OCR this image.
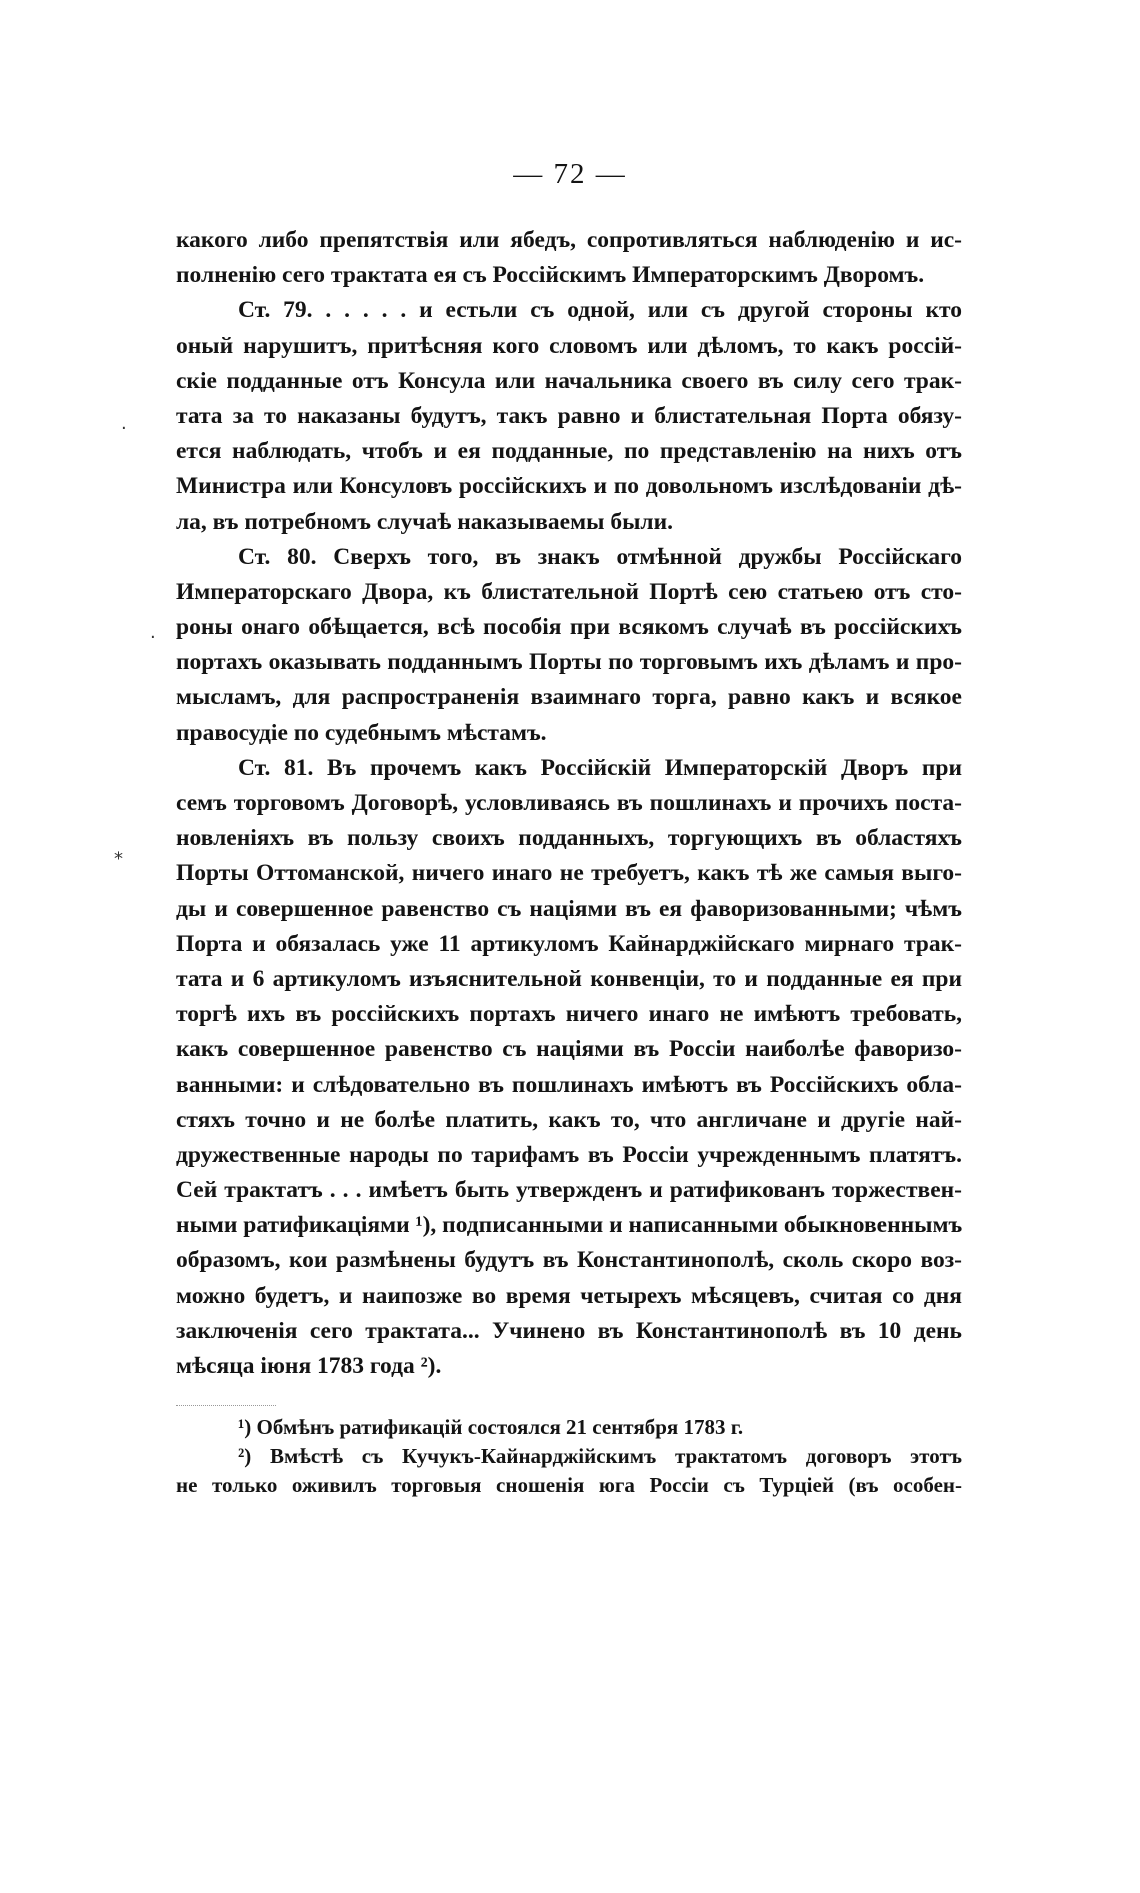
— 72 —
какого либо препятствія или ябедъ, сопротивляться наблюденію и ис-
полненію сего трактата ея съ Россійскимъ Императорскимъ Дворомъ.
Ст. 79. . . . . . и естьли съ одной, или съ другой стороны кто
оный нарушитъ, притѣсняя кого словомъ или дѣломъ, то какъ россій-
скіе подданные отъ Консула или начальника своего въ силу сего трак-
тата за то наказаны будутъ, такъ равно и блистательная Порта обязу-
ется наблюдать, чтобъ и ея подданные, по представленію на нихъ отъ
Министра или Консуловъ россійскихъ и по довольномъ изслѣдованіи дѣ-
ла, въ потребномъ случаѣ наказываемы были.
Ст. 80. Сверхъ того, въ знакъ отмѣнной дружбы Россійскаго
Императорскаго Двора, къ блистательной Портѣ сею статьею отъ сто-
роны онаго обѣщается, всѣ пособія при всякомъ случаѣ въ россійскихъ
портахъ оказывать подданнымъ Порты по торговымъ ихъ дѣламъ и про-
мысламъ, для распространенія взаимнаго торга, равно какъ и всякое
правосудіе по судебнымъ мѣстамъ.
Ст. 81. Въ прочемъ какъ Россійскій Императорскій Дворъ при
семъ торговомъ Договорѣ, условливаясь въ пошлинахъ и прочихъ поста-
новленіяхъ въ пользу своихъ подданныхъ, торгующихъ въ областяхъ
Порты Оттоманской, ничего инаго не требуетъ, какъ тѣ же самыя выго-
ды и совершенное равенство съ націями въ ея фаворизованными; чѣмъ
Порта и обязалась уже 11 артикуломъ Кайнарджійскаго мирнаго трак-
тата и 6 артикуломъ изъяснительной конвенціи, то и подданные ея при
торгѣ ихъ въ россійскихъ портахъ ничего инаго не имѣютъ требовать,
какъ совершенное равенство съ націями въ Россіи наиболѣе фаворизо-
ванными: и слѣдовательно въ пошлинахъ имѣютъ въ Россійскихъ обла-
стяхъ точно и не болѣе платить, какъ то, что англичане и другіе най-
дружественные народы по тарифамъ въ Россіи учрежденнымъ платятъ.
Сей трактатъ . . . имѣетъ быть утвержденъ и ратификованъ торжествен-
ными ратификаціями ¹), подписанными и написанными обыкновеннымъ
образомъ, кои размѣнены будутъ въ Константинополѣ, сколь скоро воз-
можно будетъ, и наипозже во время четырехъ мѣсяцевъ, считая со дня
заключенія сего трактата... Учинено въ Константинополѣ въ 10 день
мѣсяца іюня 1783 года ²).
¹) Обмѣнъ ратификацій состоялся 21 сентября 1783 г.
²) Вмѣстѣ съ Кучукъ-Кайнарджійскимъ трактатомъ договоръ этотъ
не только оживилъ торговыя сношенія юга Россіи съ Турціей (въ особен-
·
·
⁎
